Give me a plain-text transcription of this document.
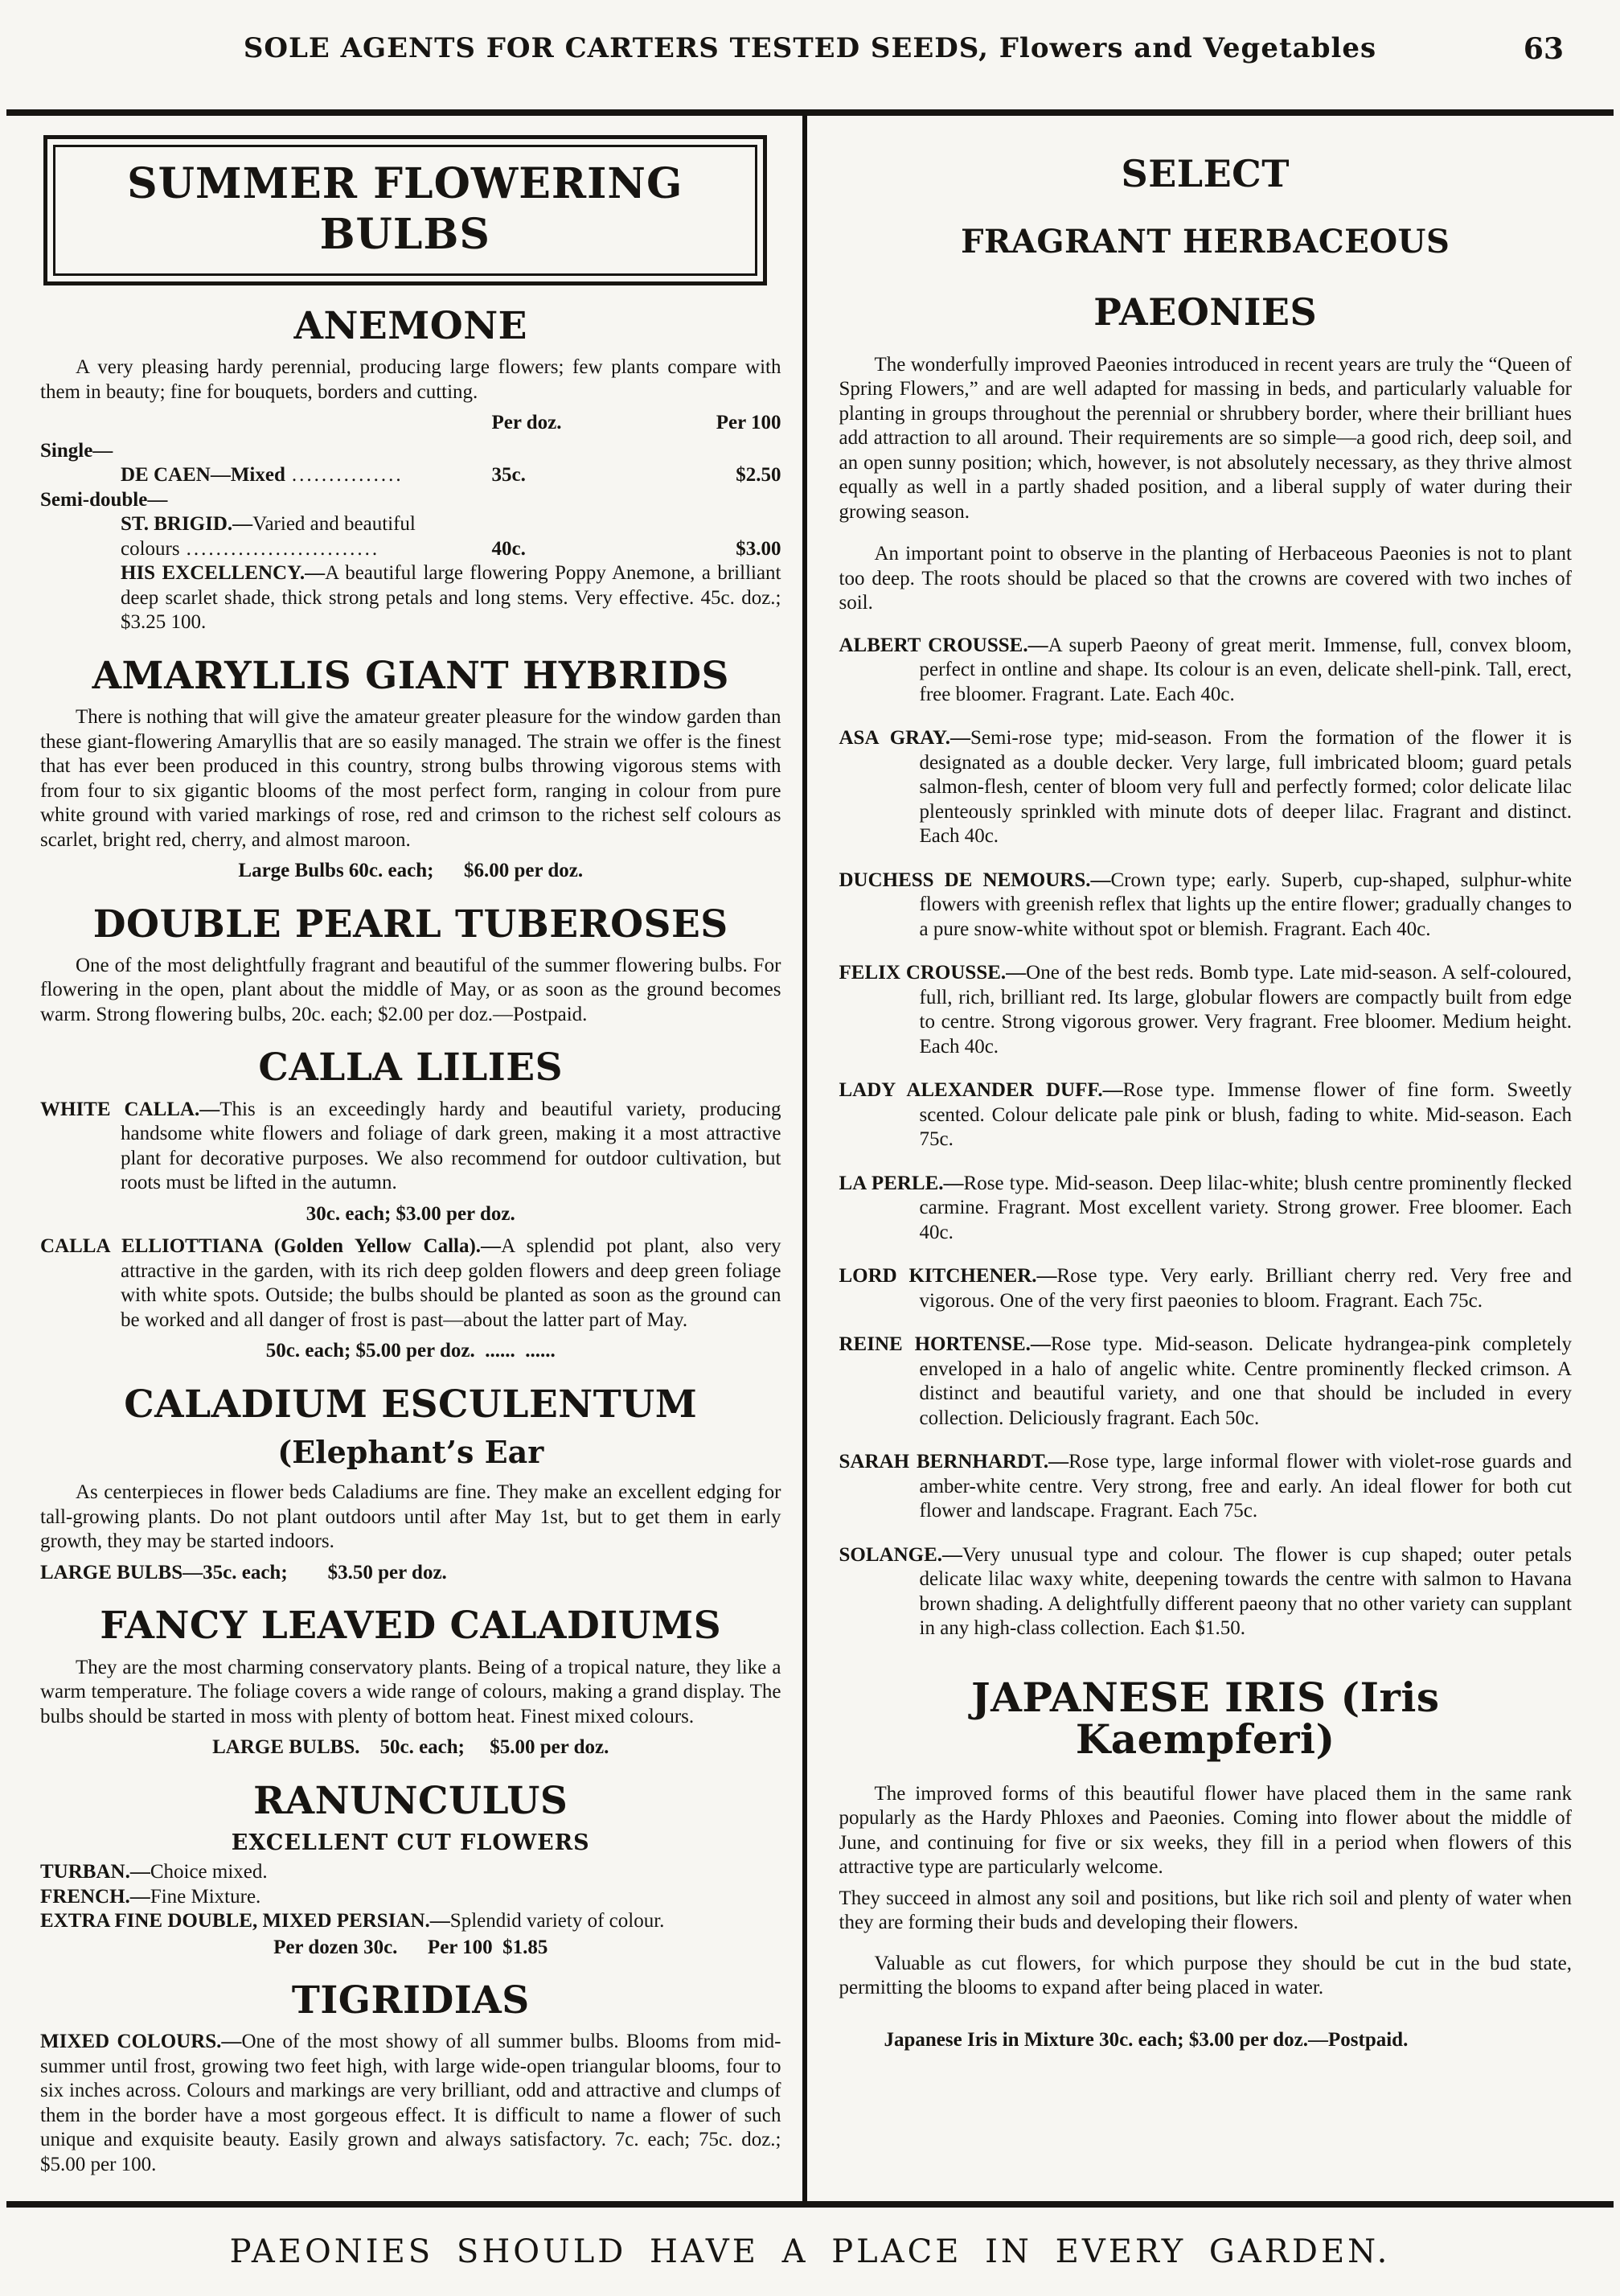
SOLE AGENTS FOR CARTERS TESTED SEEDS, Flowers and Vegetables	63
SUMMER FLOWERING BULBS
ANEMONE

A very pleasing hardy perennial, producing large flowers; few plants compare with them in beauty; fine for bouquets, borders and cutting.

Per doz.	Per 100

Single—

DE CAEN—Mixed ...............	35c.	$2.50

Semi-double—

ST. BRIGID.—Varied and beautiful

colours ..........................	40c.	$3.00

HIS EXCELLENCY.—A beautiful large flowering Poppy Anemone, a brilliant deep scarlet shade, thick strong petals and long stems. Very effective. 45c. doz.; $3.25 100.

AMARYLLIS GIANT HYBRIDS

There is nothing that will give the amateur greater pleasure for the window garden than these giant-flowering Amaryllis that are so easily managed. The strain we offer is the finest that has ever been produced in this country, strong bulbs throwing vigorous stems with from four to six gigantic blooms of the most perfect form, ranging in colour from pure white ground with varied markings of rose, red and crimson to the richest self colours as scarlet, bright red, cherry, and almost maroon.

Large Bulbs 60c. each;      $6.00 per doz.

DOUBLE PEARL TUBEROSES

One of the most delightfully fragrant and beautiful of the summer flowering bulbs. For flowering in the open, plant about the middle of May, or as soon as the ground becomes warm. Strong flowering bulbs, 20c. each; $2.00 per doz.—Postpaid.

CALLA LILIES

WHITE CALLA.—This is an exceedingly hardy and beautiful variety, producing handsome white flowers and foliage of dark green, making it a most attractive plant for decorative purposes. We also recommend for outdoor cultivation, but roots must be lifted in the autumn.

30c. each; $3.00 per doz.

CALLA ELLIOTTIANA (Golden Yellow Calla).—A splendid pot plant, also very attractive in the garden, with its rich deep golden flowers and deep green foliage with white spots. Outside; the bulbs should be planted as soon as the ground can be worked and all danger of frost is past—about the latter part of May.

50c. each; $5.00 per doz.  ......  ......

CALADIUM ESCULENTUM
(Elephant’s Ear

As centerpieces in flower beds Caladiums are fine. They make an excellent edging for tall-growing plants. Do not plant outdoors until after May 1st, but to get them in early growth, they may be started indoors.

LARGE BULBS—35c. each;        $3.50 per doz.

FANCY LEAVED CALADIUMS

They are the most charming conservatory plants. Being of a tropical nature, they like a warm temperature. The foliage covers a wide range of colours, making a grand display. The bulbs should be started in moss with plenty of bottom heat. Finest mixed colours.

LARGE BULBS.    50c. each;     $5.00 per doz.

RANUNCULUS

EXCELLENT CUT FLOWERS

TURBAN.—Choice mixed.

FRENCH.—Fine Mixture.

EXTRA FINE DOUBLE, MIXED PERSIAN.—Splendid variety of colour.

Per dozen 30c.      Per 100  $1.85

TIGRIDIAS

MIXED COLOURS.—One of the most showy of all summer bulbs. Blooms from mid-summer until frost, growing two feet high, with large wide-open triangular blooms, four to six inches across. Colours and markings are very brilliant, odd and attractive and clumps of them in the border have a most gorgeous effect. It is difficult to name a flower of such unique and exquisite beauty. Easily grown and always satisfactory. 7c. each; 75c. doz.; $5.00 per 100.

SELECT
FRAGRANT HERBACEOUS
PAEONIES

The wonderfully improved Paeonies introduced in recent years are truly the “Queen of Spring Flowers,” and are well adapted for massing in beds, and particularly valuable for planting in groups throughout the perennial or shrubbery border, where their brilliant hues add attraction to all around. Their requirements are so simple—a good rich, deep soil, and an open sunny position; which, however, is not absolutely necessary, as they thrive almost equally as well in a partly shaded position, and a liberal supply of water during their growing season.

An important point to observe in the planting of Herbaceous Paeonies is not to plant too deep. The roots should be placed so that the crowns are covered with two inches of soil.

ALBERT CROUSSE.—A superb Paeony of great merit. Immense, full, convex bloom, perfect in ontline and shape. Its colour is an even, delicate shell-pink. Tall, erect, free bloomer. Fragrant. Late. Each 40c.

ASA GRAY.—Semi-rose type; mid-season. From the formation of the flower it is designated as a double decker. Very large, full imbricated bloom; guard petals salmon-flesh, center of bloom very full and perfectly formed; color delicate lilac plenteously sprinkled with minute dots of deeper lilac. Fragrant and distinct. Each 40c.

DUCHESS DE NEMOURS.—Crown type; early. Superb, cup-shaped, sulphur-white flowers with greenish reflex that lights up the entire flower; gradually changes to a pure snow-white without spot or blemish. Fragrant. Each 40c.

FELIX CROUSSE.—One of the best reds. Bomb type. Late mid-season. A self-coloured, full, rich, brilliant red. Its large, globular flowers are compactly built from edge to centre. Strong vigorous grower. Very fragrant. Free bloomer. Medium height. Each 40c.

LADY ALEXANDER DUFF.—Rose type. Immense flower of fine form. Sweetly scented. Colour delicate pale pink or blush, fading to white. Mid-season. Each 75c.

LA PERLE.—Rose type. Mid-season. Deep lilac-white; blush centre prominently flecked carmine. Fragrant. Most excellent variety. Strong grower. Free bloomer. Each 40c.

LORD KITCHENER.—Rose type. Very early. Brilliant cherry red. Very free and vigorous. One of the very first paeonies to bloom. Fragrant. Each 75c.

REINE HORTENSE.—Rose type. Mid-season. Delicate hydrangea-pink completely enveloped in a halo of angelic white. Centre prominently flecked crimson. A distinct and beautiful variety, and one that should be included in every collection. Deliciously fragrant. Each 50c.

SARAH BERNHARDT.—Rose type, large informal flower with violet-rose guards and amber-white centre. Very strong, free and early. An ideal flower for both cut flower and landscape. Fragrant. Each 75c.

SOLANGE.—Very unusual type and colour. The flower is cup shaped; outer petals delicate lilac waxy white, deepening towards the centre with salmon to Havana brown shading. A delightfully different paeony that no other variety can supplant in any high-class collection. Each $1.50.

JAPANESE IRIS (Iris Kaempferi)

The improved forms of this beautiful flower have placed them in the same rank popularly as the Hardy Phloxes and Paeonies. Coming into flower about the middle of June, and continuing for five or six weeks, they fill in a period when flowers of this attractive type are particularly welcome.

They succeed in almost any soil and positions, but like rich soil and plenty of water when they are forming their buds and developing their flowers.

Valuable as cut flowers, for which purpose they should be cut in the bud state, permitting the blooms to expand after being placed in water.

Japanese Iris in Mixture 30c. each; $3.00 per doz.—Postpaid.

PAEONIES SHOULD HAVE A PLACE IN EVERY GARDEN.
